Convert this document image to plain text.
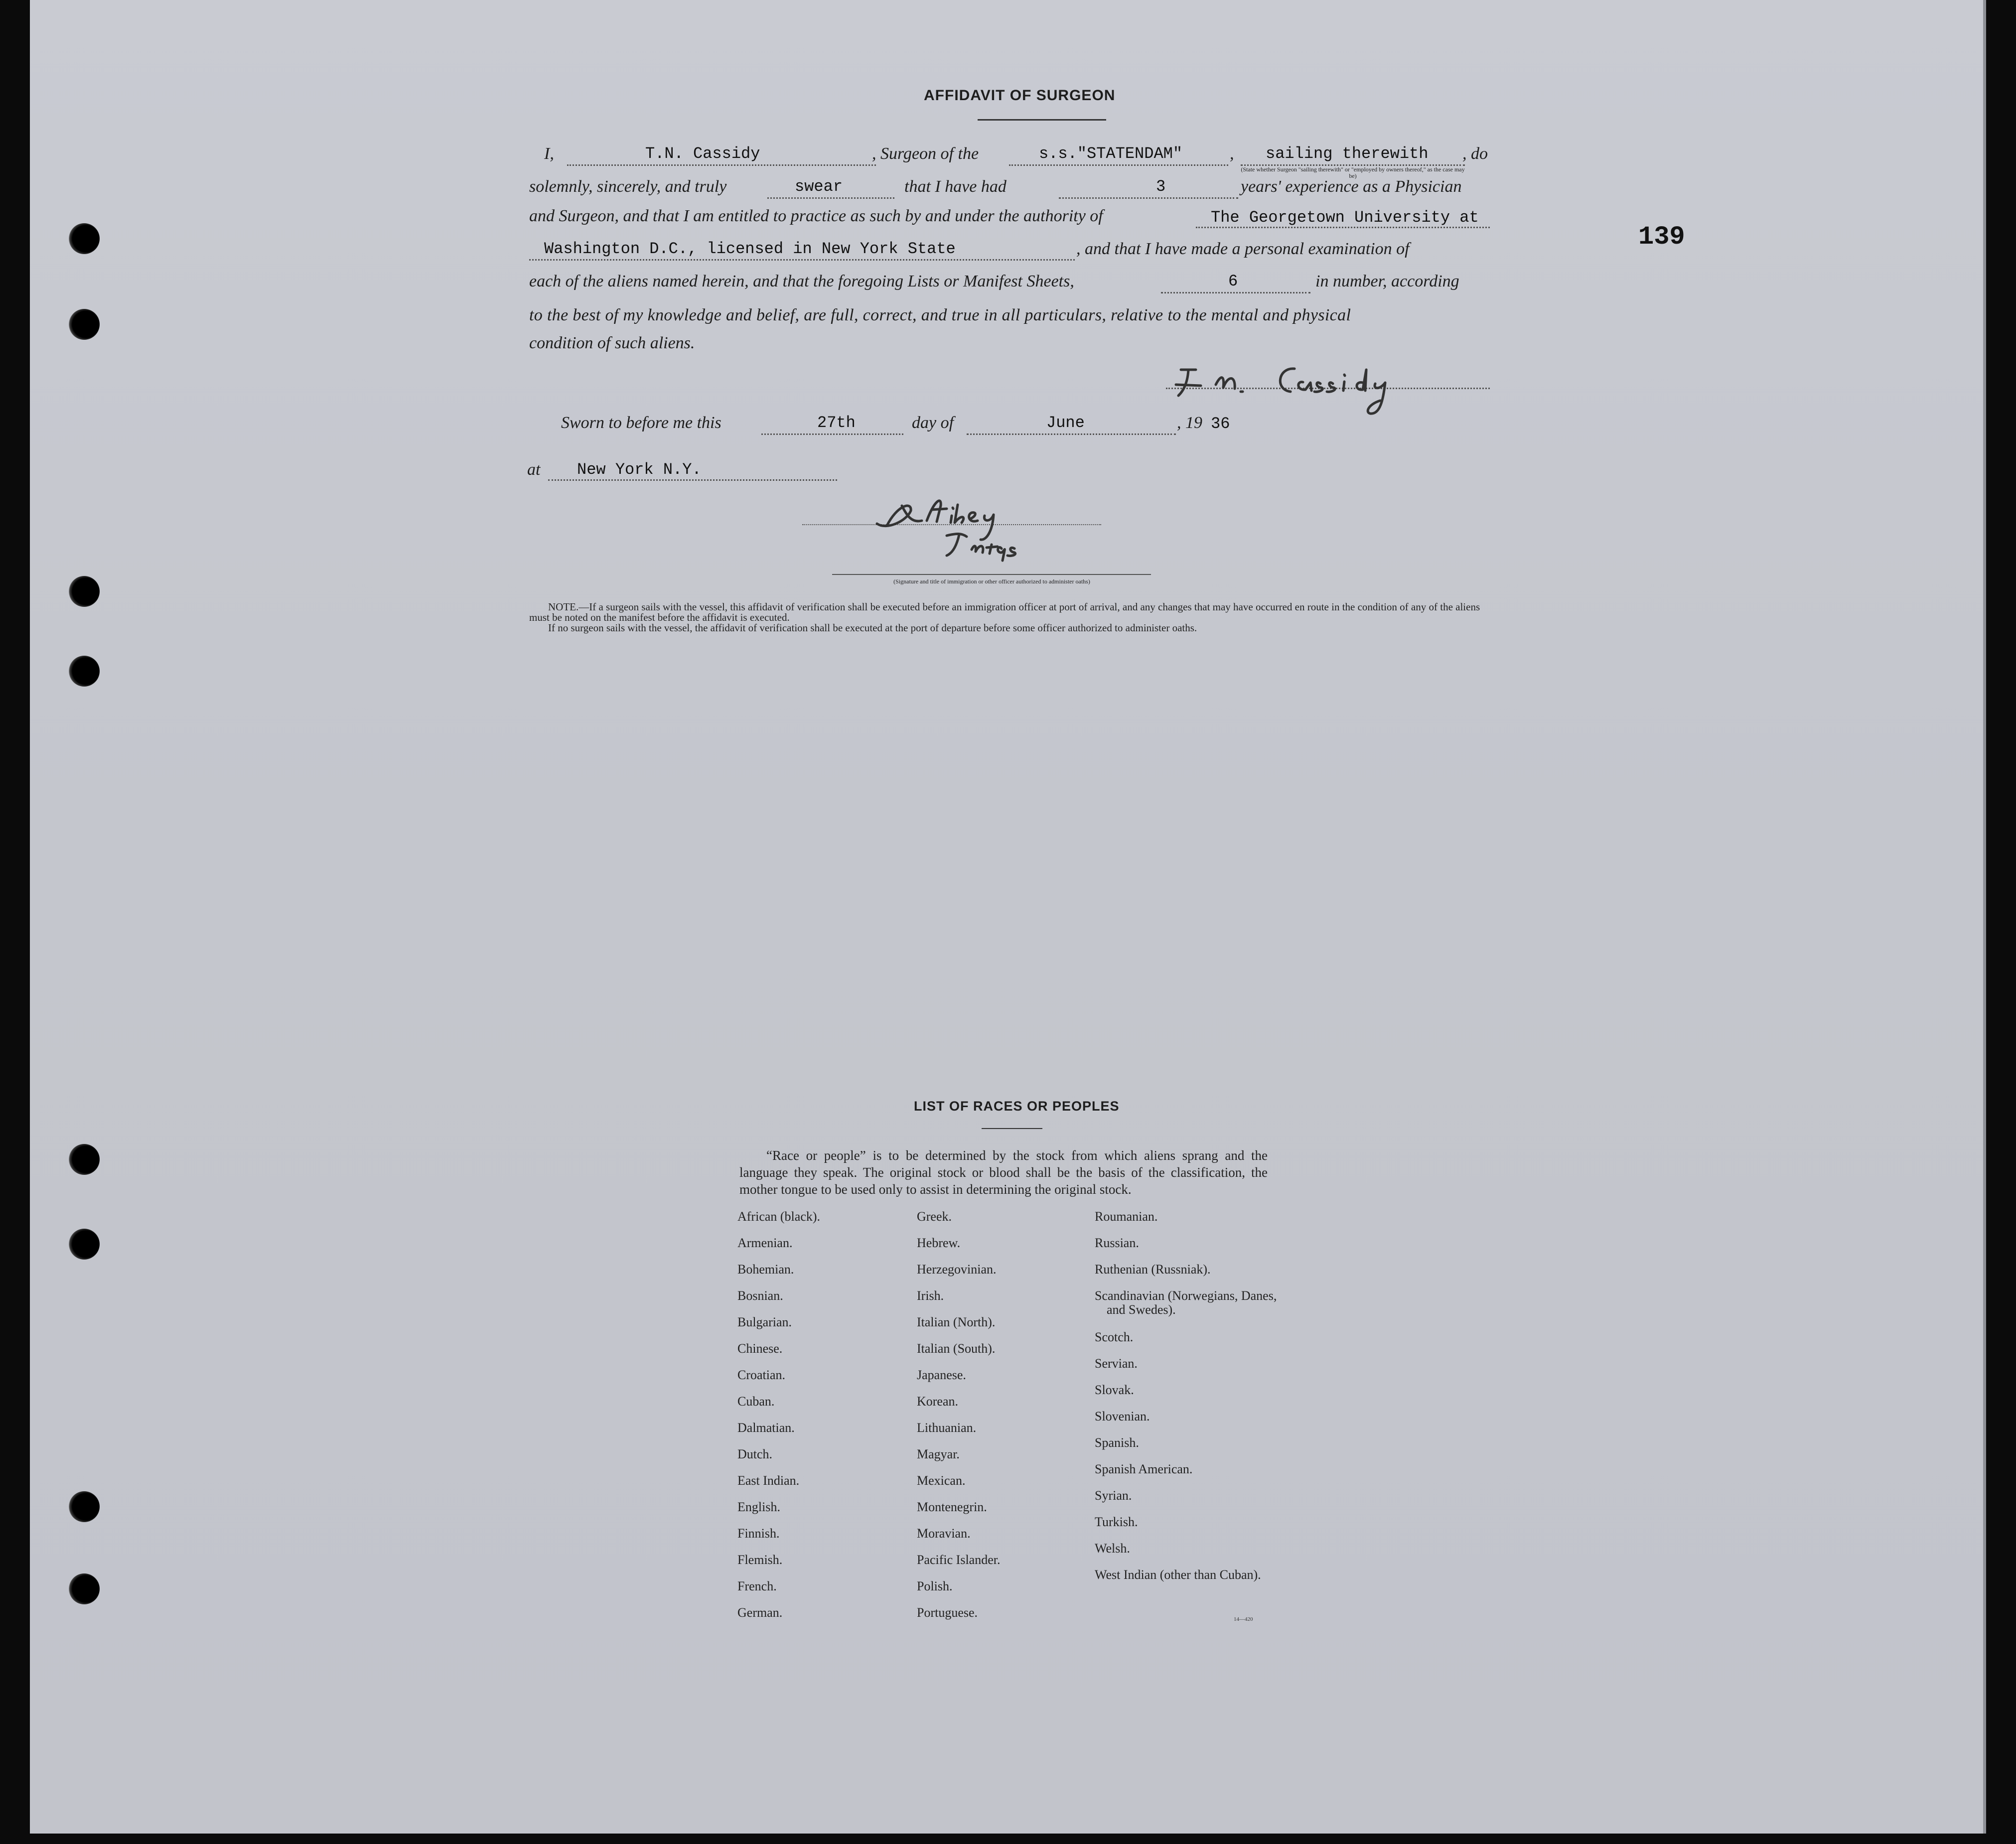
139
AFFIDAVIT OF SURGEON
I,	T.N. Cassidy	, Surgeon of the	s.s."STATENDAM"	, sailing therewith , do
(State whether Surgeon "sailing therewith" or "employed by owners thereof," as the case may be)
solemnly, sincerely, and truly	swear	that I have had	3	years' experience as a Physician
and Surgeon, and that I am entitled to practice as such by and under the authority of	The Georgetown University at
Washington D.C., licensed in New York State	, and that I have made a personal examination of
each of the aliens named herein, and that the foregoing Lists or Manifest Sheets,	6	in number, according
to the best of my knowledge and belief, are full, correct, and true in all particulars, relative to the mental and physical
condition of such aliens.
Sworn to before me this	27th	day of	June	, 19 36
at New York N.Y.
(Signature and title of immigration or other officer authorized to administer oaths)
NOTE.—If a surgeon sails with the vessel, this affidavit of verification shall be executed before an immigration officer at port of arrival, and any changes that may have occurred en route in the condition of any of the aliens must be noted on the manifest before the affidavit is executed.
If no surgeon sails with the vessel, the affidavit of verification shall be executed at the port of departure before some officer authorized to administer oaths.
LIST OF RACES OR PEOPLES
“Race or people” is to be determined by the stock from which aliens sprang and the language they speak. The original stock or blood shall be the basis of the classification, the mother tongue to be used only to assist in determining the original stock.
African (black).
Armenian.
Bohemian.
Bosnian.
Bulgarian.
Chinese.
Croatian.
Cuban.
Dalmatian.
Dutch.
East Indian.
English.
Finnish.
Flemish.
French.
German.
Greek.
Hebrew.
Herzegovinian.
Irish.
Italian (North).
Italian (South).
Japanese.
Korean.
Lithuanian.
Magyar.
Mexican.
Montenegrin.
Moravian.
Pacific Islander.
Polish.
Portuguese.
Roumanian.
Russian.
Ruthenian (Russniak).
Scandinavian (Norwegians, Danes, and Swedes).
Scotch.
Servian.
Slovak.
Slovenian.
Spanish.
Spanish American.
Syrian.
Turkish.
Welsh.
West Indian (other than Cuban).
14—420
